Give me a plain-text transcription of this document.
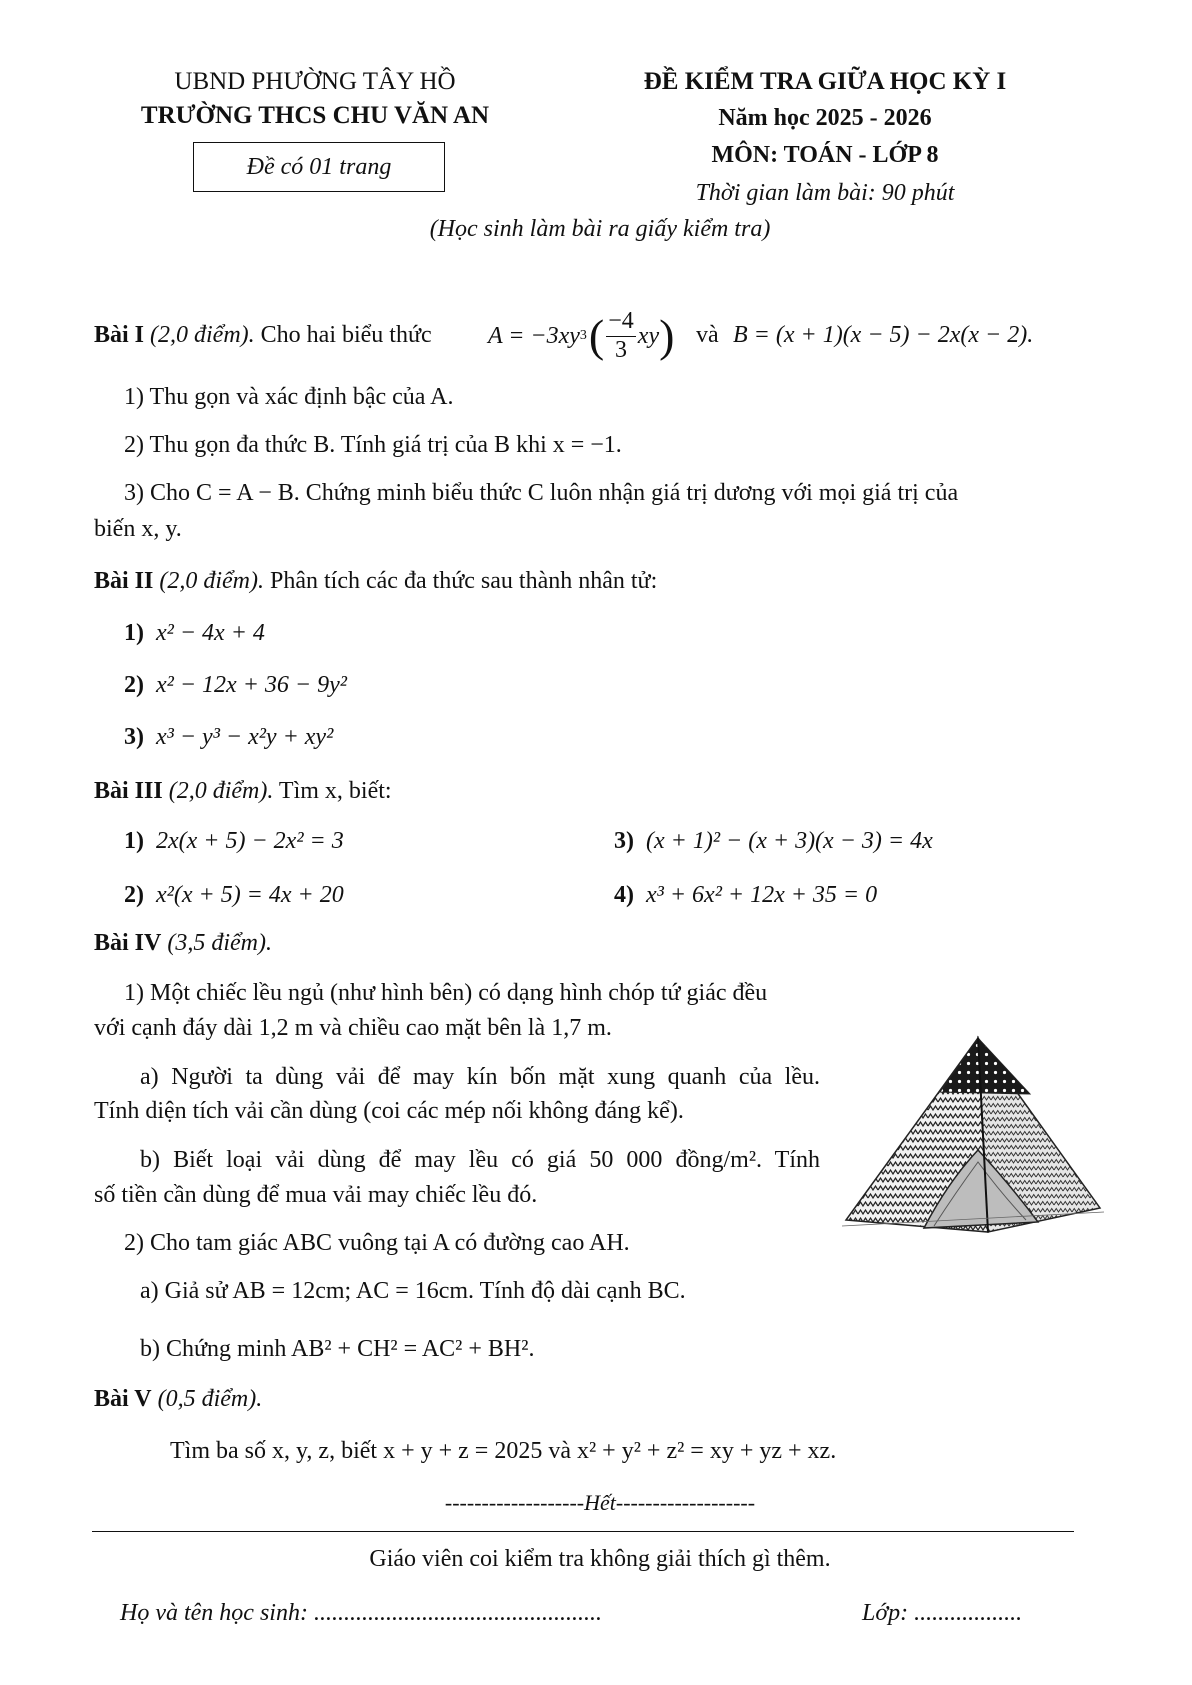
UBND PHƯỜNG TÂY HỒ
TRƯỜNG THCS CHU VĂN AN
Đề có 01 trang
ĐỀ KIỂM TRA GIỮA HỌC KỲ I
Năm học 2025 - 2026
MÔN: TOÁN - LỚP 8
Thời gian làm bài: 90 phút
(Học sinh làm bài ra giấy kiểm tra)
Bài I (2,0 điểm). Cho hai biểu thức A = −3xy 3 ( $\frac{-4}{3}$ xy ) và B = (x + 1)(x − 5) − 2x(x − 2).
1) Thu gọn và xác định bậc của A.
2) Thu gọn đa thức B. Tính giá trị của B khi x = −1.
3) Cho C = A − B. Chứng minh biểu thức C luôn nhận giá trị dương với mọi giá trị của
biến x, y.
Bài II (2,0 điểm). Phân tích các đa thức sau thành nhân tử:
1) x² − 4x + 4
2) x² − 12x + 36 − 9y²
3) x³ − y³ − x²y + xy²
Bài III (2,0 điểm). Tìm x, biết:
1) 2x(x + 5) − 2x² = 3
2) x²(x + 5) = 4x + 20
3) (x + 1)² − (x + 3)(x − 3) = 4x
4) x³ + 6x² + 12x + 35 = 0
Bài IV (3,5 điểm).
1) Một chiếc lều ngủ (như hình bên) có dạng hình chóp tứ giác đều
với cạnh đáy dài 1,2 m và chiều cao mặt bên là 1,7 m.
a) Người ta dùng vải để may kín bốn mặt xung quanh của lều.
Tính diện tích vải cần dùng (coi các mép nối không đáng kể).
b) Biết loại vải dùng để may lều có giá 50 000 đồng/m². Tính
số tiền cần dùng để mua vải may chiếc lều đó.
2) Cho tam giác ABC vuông tại A có đường cao AH.
a) Giả sử AB = 12cm; AC = 16cm. Tính độ dài cạnh BC.
b) Chứng minh AB² + CH² = AC² + BH².
Bài V (0,5 điểm).
Tìm ba số x, y, z, biết x + y + z = 2025 và x² + y² + z² = xy + yz + xz.
-------------------Hết-------------------
Giáo viên coi kiểm tra không giải thích gì thêm.
Họ và tên học sinh: ................................................	Lớp: ..................
